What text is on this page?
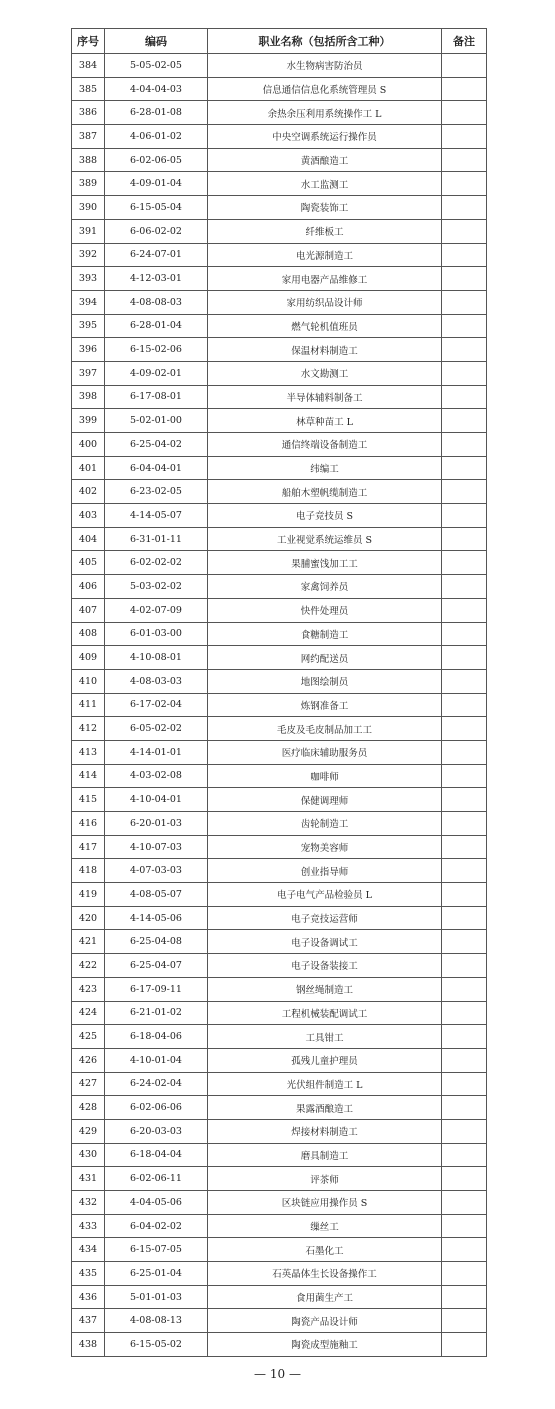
序号	编码	职业名称（包括所含工种）	备注
384	5-05-02-05	水生物病害防治员	
385	4-04-04-03	信息通信信息化系统管理员 S	
386	6-28-01-08	余热余压利用系统操作工 L	
387	4-06-01-02	中央空调系统运行操作员	
388	6-02-06-05	黄酒酿造工	
389	4-09-01-04	水工监测工	
390	6-15-05-04	陶瓷装饰工	
391	6-06-02-02	纤维板工	
392	6-24-07-01	电光源制造工	
393	4-12-03-01	家用电器产品维修工	
394	4-08-08-03	家用纺织品设计师	
395	6-28-01-04	燃气轮机值班员	
396	6-15-02-06	保温材料制造工	
397	4-09-02-01	水文勘测工	
398	6-17-08-01	半导体辅料制备工	
399	5-02-01-00	林草种苗工 L	
400	6-25-04-02	通信终端设备制造工	
401	6-04-04-01	纬编工	
402	6-23-02-05	船舶木塑帆缆制造工	
403	4-14-05-07	电子竞技员 S	
404	6-31-01-11	工业视觉系统运维员 S	
405	6-02-02-02	果脯蜜饯加工工	
406	5-03-02-02	家禽饲养员	
407	4-02-07-09	快件处理员	
408	6-01-03-00	食糖制造工	
409	4-10-08-01	网约配送员	
410	4-08-03-03	地图绘制员	
411	6-17-02-04	炼钢准备工	
412	6-05-02-02	毛皮及毛皮制品加工工	
413	4-14-01-01	医疗临床辅助服务员	
414	4-03-02-08	咖啡师	
415	4-10-04-01	保健调理师	
416	6-20-01-03	齿轮制造工	
417	4-10-07-03	宠物美容师	
418	4-07-03-03	创业指导师	
419	4-08-05-07	电子电气产品检验员 L	
420	4-14-05-06	电子竞技运营师	
421	6-25-04-08	电子设备调试工	
422	6-25-04-07	电子设备装接工	
423	6-17-09-11	钢丝绳制造工	
424	6-21-01-02	工程机械装配调试工	
425	6-18-04-06	工具钳工	
426	4-10-01-04	孤残儿童护理员	
427	6-24-02-04	光伏组件制造工 L	
428	6-02-06-06	果露酒酿造工	
429	6-20-03-03	焊接材料制造工	
430	6-18-04-04	磨具制造工	
431	6-02-06-11	评茶师	
432	4-04-05-06	区块链应用操作员 S	
433	6-04-02-02	缫丝工	
434	6-15-07-05	石墨化工	
435	6-25-01-04	石英晶体生长设备操作工	
436	5-01-01-03	食用菌生产工	
437	4-08-08-13	陶瓷产品设计师	
438	6-15-05-02	陶瓷成型施釉工	
— 10 —
